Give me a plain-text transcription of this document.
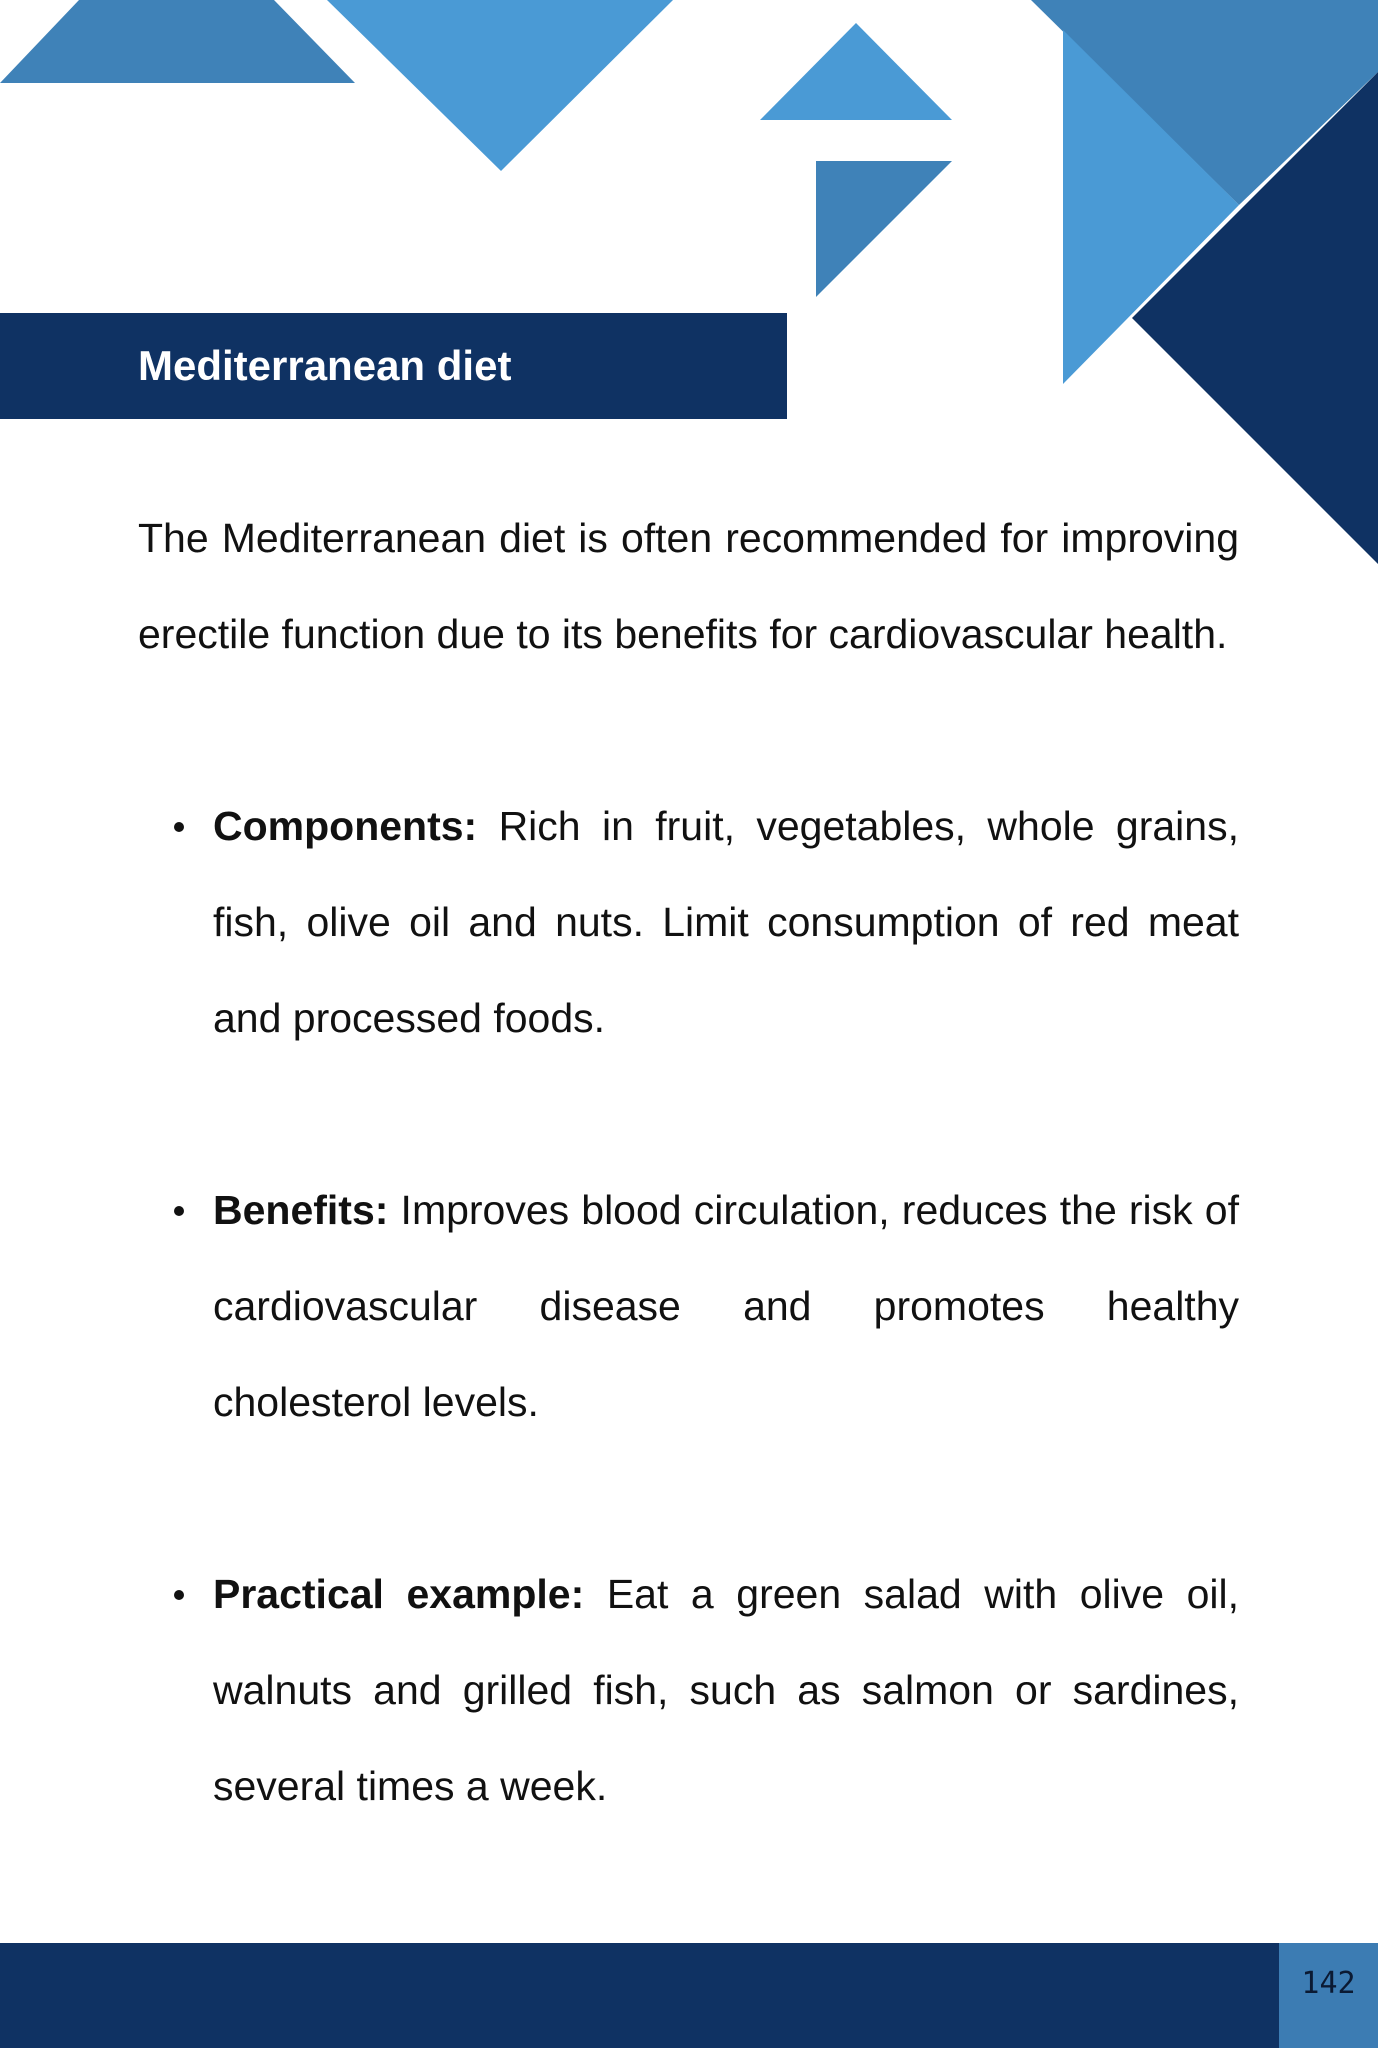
Mediterranean diet

The Mediterranean diet is often recommended for improving erectile function due to its benefits for cardiovascular health.

Components: Rich in fruit, vegetables, whole grains, fish, olive oil and nuts. Limit consumption of red meat and processed foods.
Benefits: Improves blood circulation, reduces the risk of cardiovascular disease and promotes healthy cholesterol levels.
Practical example: Eat a green salad with olive oil, walnuts and grilled fish, such as salmon or sardines, several times a week.
142
